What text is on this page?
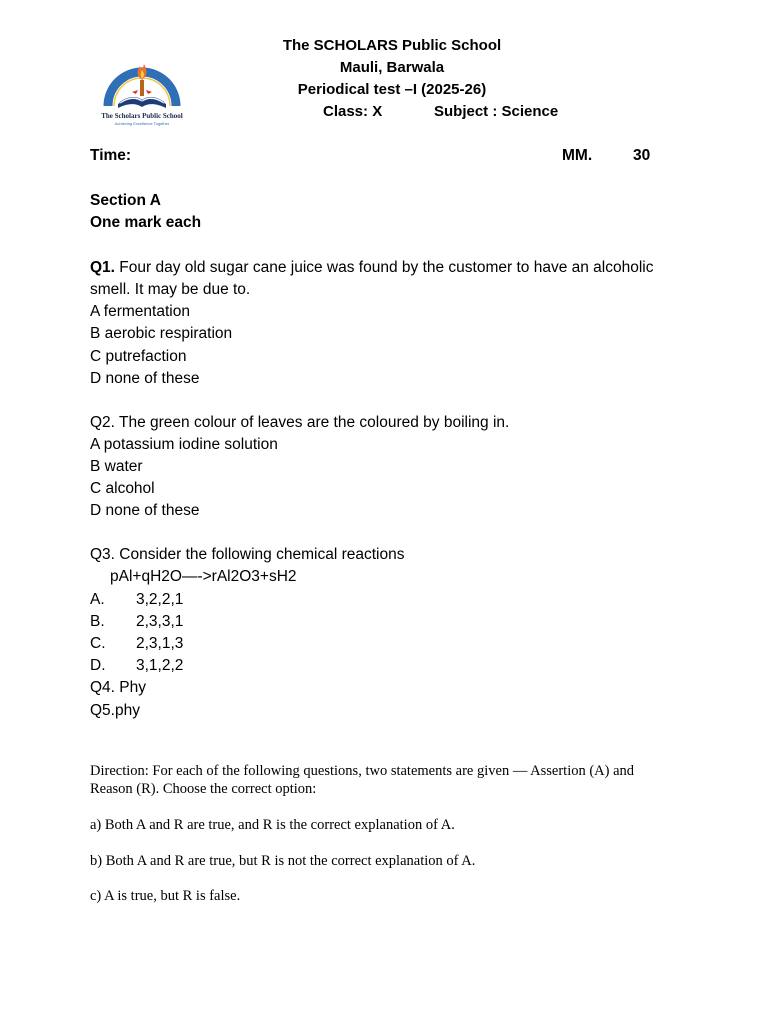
The Scholars Public School
Achieving Excellence Together
The SCHOLARS Public School
Mauli, Barwala
Periodical test –I (2025-26)
Class: X	Subject : Science
Time:	MM.	30
Section A
One mark each
Q1. Four day old sugar cane juice was found by the customer to have an alcoholic
smell. It may be due to.
A fermentation
B aerobic respiration
C putrefaction
D none of these
Q2. The green colour of leaves are the coloured by boiling in.
A potassium iodine solution
B water
C alcohol
D none of these
Q3. Consider the following chemical reactions
pAl+qH2O—->rAl2O3+sH2
A. 3,2,2,1
B. 2,3,3,1
C. 2,3,1,3
D. 3,1,2,2
Q4. Phy
Q5.phy
Direction: For each of the following questions, two statements are given — Assertion (A) and Reason (R). Choose the correct option:
a) Both A and R are true, and R is the correct explanation of A.
b) Both A and R are true, but R is not the correct explanation of A.
c) A is true, but R is false.
